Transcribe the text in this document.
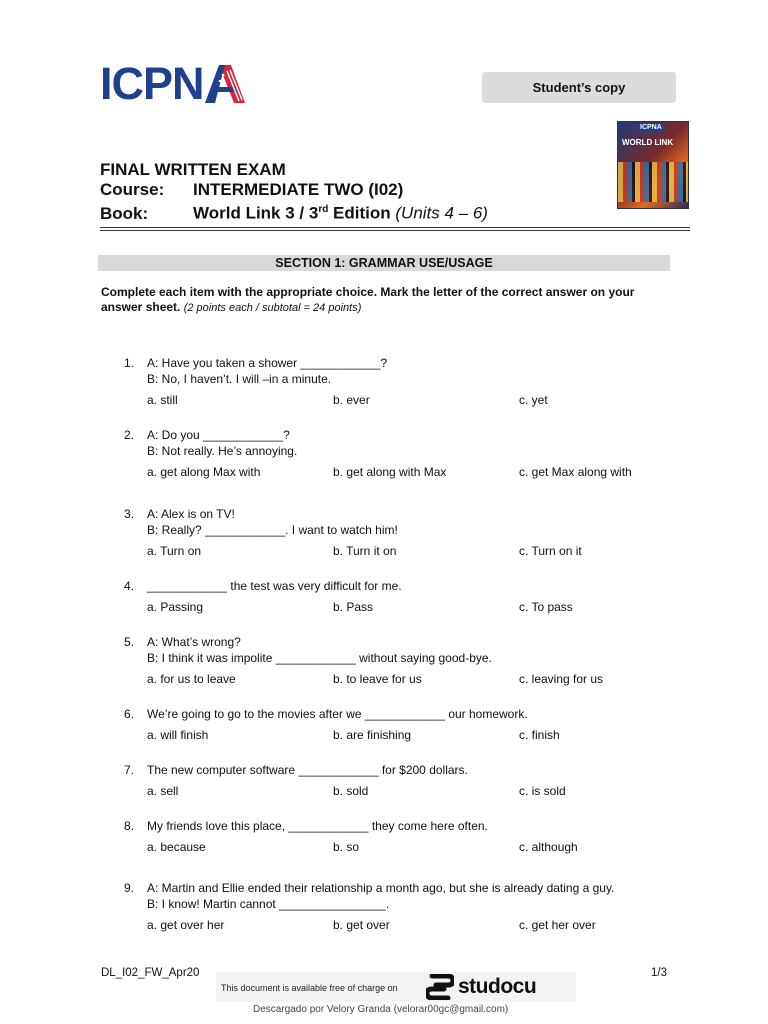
ICPN	Student’s copy
ICPNA
WORLD LINK
FINAL WRITTEN EXAM
Course: INTERMEDIATE TWO (I02)
Book:	World Link 3 / 3rd Edition (Units 4 – 6)
SECTION 1: GRAMMAR USE/USAGE
Complete each item with the appropriate choice. Mark the letter of the correct answer on your answer sheet. (2 points each / subtotal = 24 points)
1. A: Have you taken a shower ____________?
B: No, I haven’t. I will –in a minute.
a. still	b. ever	c. yet
2. A: Do you ____________?
B: Not really. He’s annoying.
a. get along Max with	b. get along with Max	c. get Max along with
3. A: Alex is on TV!
B: Really? ____________. I want to watch him!
a. Turn on	b. Turn it on	c. Turn on it
4. ____________ the test was very difficult for me.
a. Passing	b. Pass	c. To pass
5. A: What’s wrong?
B: I think it was impolite ____________ without saying good-bye.
a. for us to leave	b. to leave for us	c. leaving for us
6. We’re going to go to the movies after we ____________ our homework.
a. will finish	b. are finishing	c. finish
7. The new computer software ____________ for $200 dollars.
a. sell	b. sold	c. is sold
8. My friends love this place, ____________ they come here often.
a. because	b. so	c. although
9. A: Martin and Ellie ended their relationship a month ago, but she is already dating a guy.
B: I know! Martin cannot ________________.
a. get over her	b. get over	c. get her over
DL_I02_FW_Apr20	1/3
This document is available free of charge on	studocu
Descargado por Velory Granda (velorar00gc@gmail.com)
